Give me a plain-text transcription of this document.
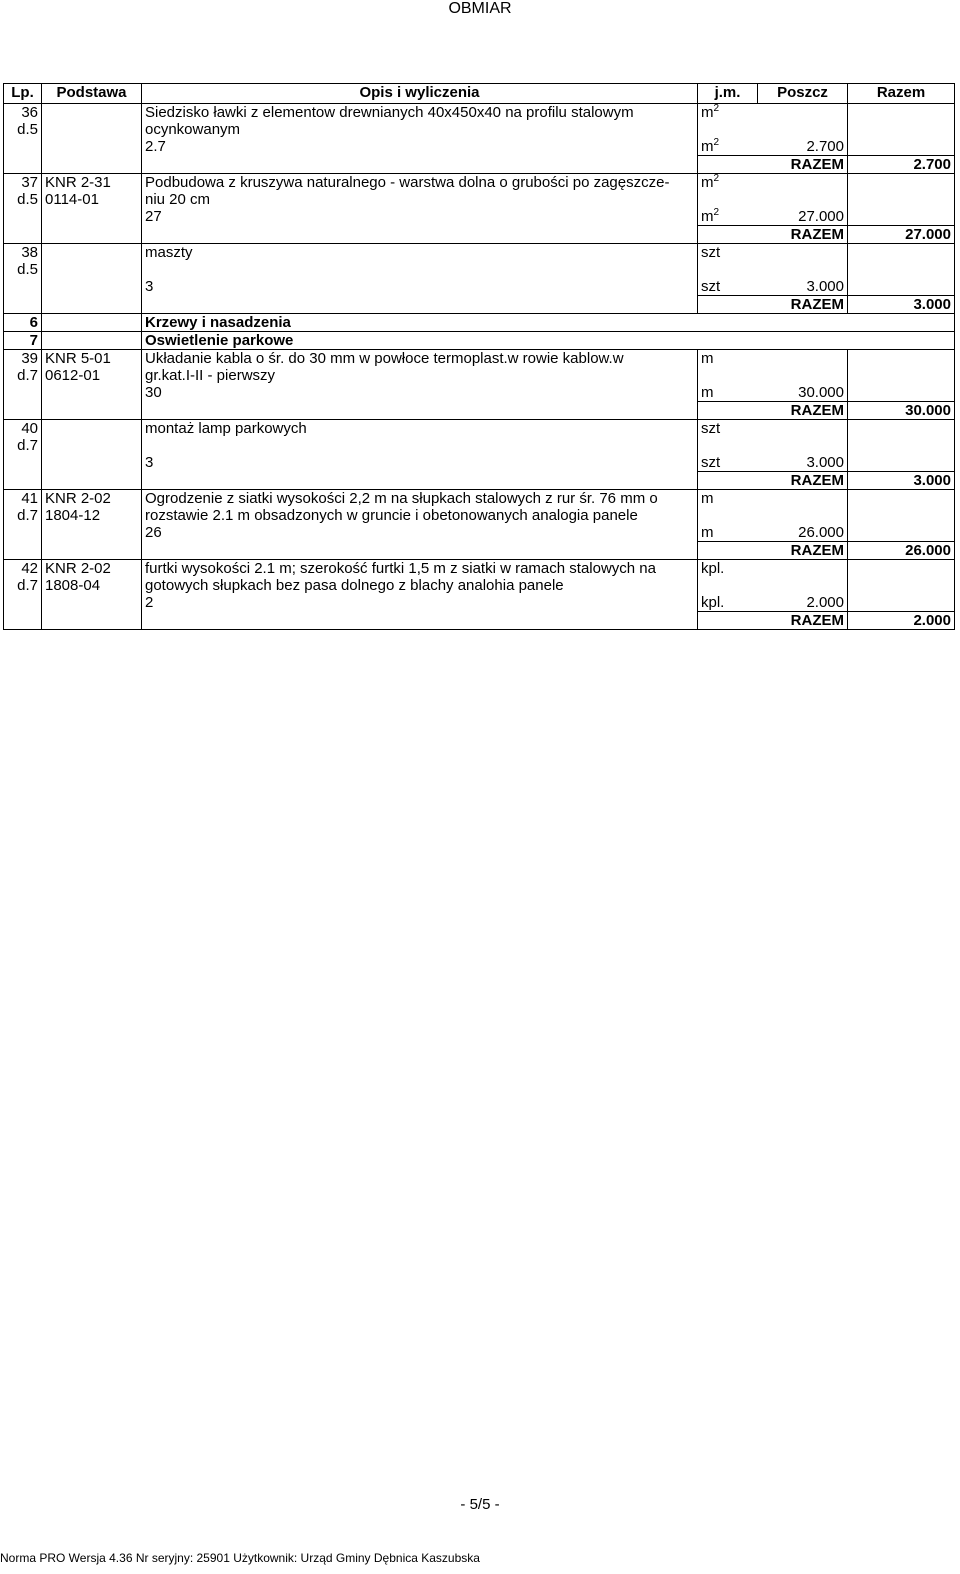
OBMIAR
Lp.	Podstawa	Opis i wyliczenia	j.m.	Poszcz	Razem
36		Siedzisko ławki z elementow drewnianych 40x450x40 na profilu stalowym	$m^2$		
d.5		ocynkowanym			
		2.7	$m^2$	2.700	
				RAZEM	2.700
37	KNR 2-31	Podbudowa z kruszywa naturalnego - warstwa dolna o grubości po zagęszcze-	$m^2$		
d.5	0114-01	niu 20 cm			
		27	$m^2$	27.000	
				RAZEM	27.000
38		maszty	szt		
d.5					
		3	szt	3.000	
				RAZEM	3.000
6		Krzewy i nasadzenia			
7		Oswietlenie parkowe			
39	KNR 5-01	Układanie kabla o śr. do 30 mm w powłoce termoplast.w rowie kablow.w	m		
d.7	0612-01	gr.kat.I-II - pierwszy			
		30	m	30.000	
				RAZEM	30.000
40		montaż lamp parkowych	szt		
d.7					
		3	szt	3.000	
				RAZEM	3.000
41	KNR 2-02	Ogrodzenie z siatki wysokości 2,2 m na słupkach stalowych z rur śr. 76 mm o	m		
d.7	1804-12	rozstawie 2.1 m obsadzonych w gruncie i obetonowanych analogia panele			
		26	m	26.000	
				RAZEM	26.000
42	KNR 2-02	furtki wysokości 2.1 m; szerokość furtki 1,5 m z siatki w ramach stalowych na	kpl.		
d.7	1808-04	gotowych słupkach bez pasa dolnego z blachy analohia panele			
		2	kpl.	2.000	
				RAZEM	2.000
- 5/5 -
Norma PRO Wersja 4.36 Nr seryjny: 25901 Użytkownik: Urząd Gminy Dębnica Kaszubska
